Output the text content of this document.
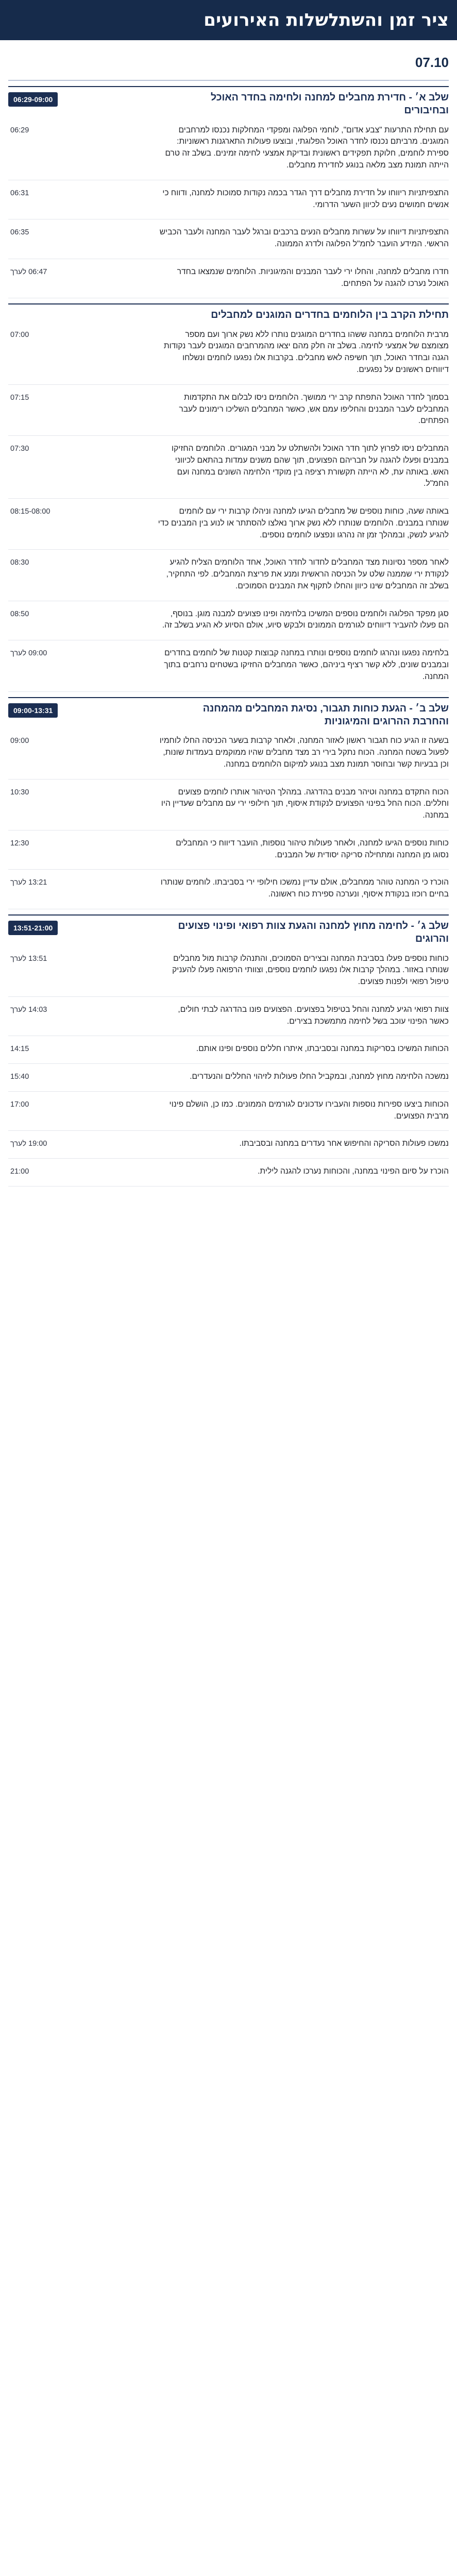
ציר זמן והשתלשלות האירועים
07.10
שלב א׳ - חדירת מחבלים למחנה ולחימה בחדר האוכל ובחיבורים
06:29-09:00

עם תחילת התרעות "צבע אדום", לוחמי הפלוגה ומפקדי המחלקות נכנסו למרחבים המוגנים. מרביתם נכנסו לחדר האוכל הפלוגתי, ובוצעו פעולות התארגנות ראשוניות: ספירת לוחמים, חלוקת תפקידים ראשונית ובדיקת אמצעי לחימה זמינים. בשלב זה טרם הייתה תמונת מצב מלאה בנוגע לחדירת מחבלים.

06:29

התצפיתניות ריווחו על חדירת מחבלים דרך הגדר בכמה נקודות סמוכות למחנה, ודווח כי אנשים חמושים נעים לכיוון השער הדרומי.

06:31

התצפיתניות דיווחו על עשרות מחבלים הנעים ברכבים וברגל לעבר המחנה ולעבר הכביש הראשי. המידע הועבר לחמ"ל הפלוגה ולדרג הממונה.

06:35

חדרו מחבלים למחנה, והחלו ירי לעבר המבנים והמיגוניות. הלוחמים שנמצאו בחדר האוכל נערכו להגנה על הפתחים.

06:47 לערך
תחילת הקרב בין הלוחמים בחדרים המוגנים למחבלים

מרבית הלוחמים במחנה ששהו בחדרים המוגנים נותרו ללא נשק ארוך ועם מספר מצומצם של אמצעי לחימה. בשלב זה חלק מהם יצאו מהמרחבים המוגנים לעבר נקודות הגנה ובחדר האוכל, תוך חשיפה לאש מחבלים. בקרבות אלו נפגעו לוחמים ונשלחו דיווחים ראשונים על נפגעים.

07:00

בסמוך לחדר האוכל התפתח קרב ירי ממושך. הלוחמים ניסו לבלום את התקדמות המחבלים לעבר המבנים והחליפו עמם אש, כאשר המחבלים השליכו רימונים לעבר הפתחים.

07:15

המחבלים ניסו לפרוץ לתוך חדר האוכל ולהשתלט על מבני המגורים. הלוחמים החזיקו במבנים ופעלו להגנה על חבריהם הפצועים, תוך שהם משנים עמדות בהתאם לכיווני האש. באותה עת, לא הייתה תקשורת רציפה בין מוקדי הלחימה השונים במחנה ועם החמ"ל.

07:30

באותה שעה, כוחות נוספים של מחבלים הגיעו למחנה וניהלו קרבות ירי עם לוחמים שנותרו במבנים. הלוחמים שנותרו ללא נשק ארוך נאלצו להסתתר או לנוע בין המבנים כדי להגיע לנשק, ובמהלך זמן זה נהרגו ונפצעו לוחמים נוספים.

08:15-08:00

לאחר מספר נסיונות מצד המחבלים לחדור לחדר האוכל, אחד הלוחמים הצליח להגיע לנקודת ירי שממנה שלט על הכניסה הראשית ומנע את פריצת המחבלים. לפי התחקיר, בשלב זה המחבלים שינו כיוון והחלו לתקוף את המבנים הסמוכים.

08:30

סגן מפקד הפלוגה ולוחמים נוספים המשיכו בלחימה ופינו פצועים למבנה מוגן. בנוסף, הם פעלו להעביר דיווחים לגורמים הממונים ולבקש סיוע, אולם הסיוע לא הגיע בשלב זה.

08:50

בלחימה נפגעו ונהרגו לוחמים נוספים ונותרו במחנה קבוצות קטנות של לוחמים בחדרים ובמבנים שונים, ללא קשר רציף ביניהם, כאשר המחבלים החזיקו בשטחים נרחבים בתוך המחנה.

09:00 לערך
שלב ב׳ - הגעת כוחות תגבור, נסיגת המחבלים מהמחנה והחרבת ההרוגים והמיגוניות
09:00-13:31

בשעה זו הגיע כוח תגבור ראשון לאזור המחנה, ולאחר קרבות בשער הכניסה החלו לוחמיו לפעול בשטח המחנה. הכוח נתקל בירי רב מצד מחבלים שהיו ממוקמים בעמדות שונות, וכן בבעיות קשר ובחוסר תמונת מצב בנוגע למיקום הלוחמים במחנה.

09:00

הכוח התקדם במחנה וטיהר מבנים בהדרגה. במהלך הטיהור אותרו לוחמים פצועים וחללים. הכוח החל בפינוי הפצועים לנקודת איסוף, תוך חילופי ירי עם מחבלים שעדיין היו במחנה.

10:30

כוחות נוספים הגיעו למחנה, ולאחר פעולות טיהור נוספות, הועבר דיווח כי המחבלים נסוגו מן המחנה ומתחילה סריקה יסודית של המבנים.

12:30

הוכרז כי המחנה טוהר ממחבלים, אולם עדיין נמשכו חילופי ירי בסביבתו. לוחמים שנותרו בחיים רוכזו בנקודת איסוף, ונערכה ספירת כוח ראשונה.

13:21 לערך
שלב ג׳ - לחימה מחוץ למחנה והגעת צוות רפואי ופינוי פצועים והרוגים
13:51-21:00

כוחות נוספים פעלו בסביבת המחנה ובצירים הסמוכים, והתנהלו קרבות מול מחבלים שנותרו באזור. במהלך קרבות אלו נפגעו לוחמים נוספים, וצוותי הרפואה פעלו להעניק טיפול רפואי ולפנות פצועים.

13:51 לערך

צוות רפואי הגיע למחנה והחל בטיפול בפצועים. הפצועים פונו בהדרגה לבתי חולים, כאשר הפינוי עוכב בשל לחימה מתמשכת בצירים.

14:03 לערך

הכוחות המשיכו בסריקות במחנה ובסביבתו, איתרו חללים נוספים ופינו אותם.

14:15

נמשכה הלחימה מחוץ למחנה, ובמקביל החלו פעולות לזיהוי החללים והנעדרים.

15:40

הכוחות ביצעו ספירות נוספות והעבירו עדכונים לגורמים הממונים. כמו כן, הושלם פינוי מרבית הפצועים.

17:00

נמשכו פעולות הסריקה והחיפוש אחר נעדרים במחנה ובסביבתו.

19:00 לערך

הוכרז על סיום הפינוי במחנה, והכוחות נערכו להגנה לילית.

21:00
